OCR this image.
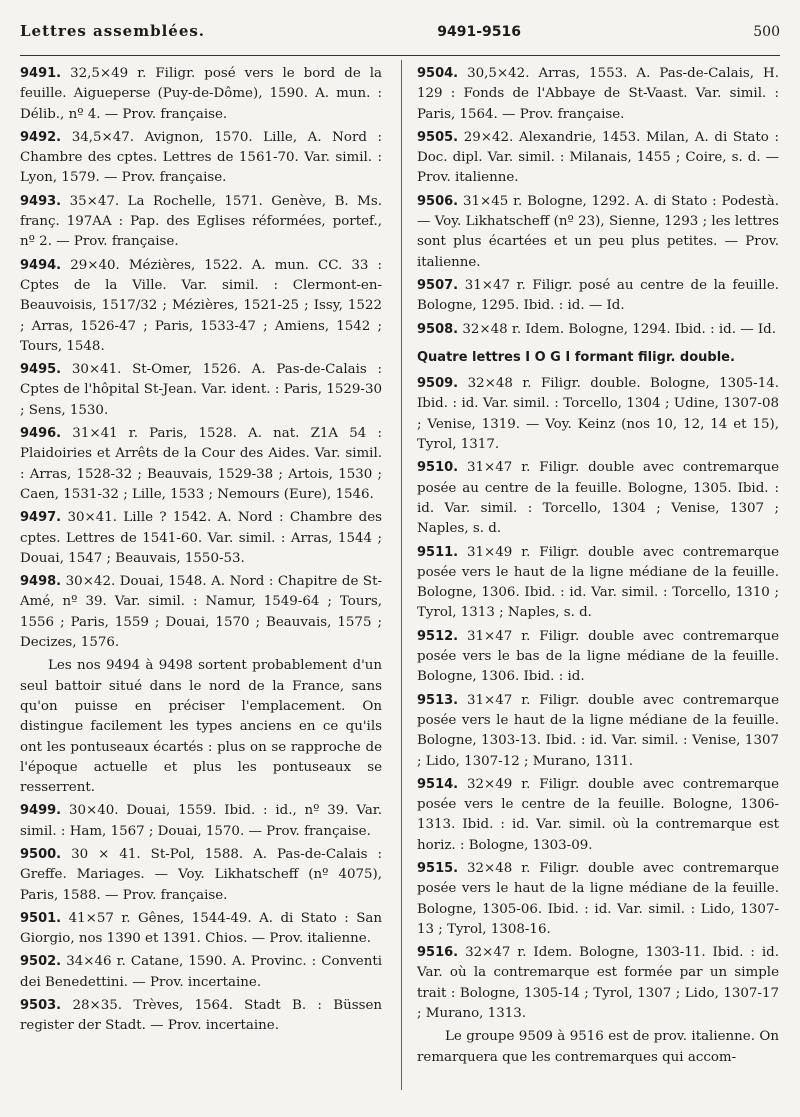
Lettres assemblées.	9491-9516	500

9491. 32,5×49 r. Filigr. posé vers le bord de la feuille. Aigueperse (Puy-de-Dôme), 1590. A. mun. : Délib., nº 4. — Prov. française.

9492. 34,5×47. Avignon, 1570. Lille, A. Nord : Chambre des cptes. Lettres de 1561-70. Var. simil. : Lyon, 1579. — Prov. française.

9493. 35×47. La Rochelle, 1571. Genève, B. Ms. franç. 197AA : Pap. des Eglises réformées, portef., nº 2. — Prov. française.

9494. 29×40. Mézières, 1522. A. mun. CC. 33 : Cptes de la Ville. Var. simil. : Clermont-en-Beauvoisis, 1517/32 ; Mézières, 1521-25 ; Issy, 1522 ; Arras, 1526-47 ; Paris, 1533-47 ; Amiens, 1542 ; Tours, 1548.

9495. 30×41. St-Omer, 1526. A. Pas-de-Calais : Cptes de l'hôpital St-Jean. Var. ident. : Paris, 1529-30 ; Sens, 1530.

9496. 31×41 r. Paris, 1528. A. nat. Z1A 54 : Plaidoiries et Arrêts de la Cour des Aides. Var. simil. : Arras, 1528-32 ; Beauvais, 1529-38 ; Artois, 1530 ; Caen, 1531-32 ; Lille, 1533 ; Nemours (Eure), 1546.

9497. 30×41. Lille ? 1542. A. Nord : Chambre des cptes. Lettres de 1541-60. Var. simil. : Arras, 1544 ; Douai, 1547 ; Beauvais, 1550-53.

9498. 30×42. Douai, 1548. A. Nord : Chapitre de St-Amé, nº 39. Var. simil. : Namur, 1549-64 ; Tours, 1556 ; Paris, 1559 ; Douai, 1570 ; Beauvais, 1575 ; Decizes, 1576.

Les nos 9494 à 9498 sortent probablement d'un seul battoir situé dans le nord de la France, sans qu'on puisse en préciser l'emplacement. On distingue facilement les types anciens en ce qu'ils ont les pontuseaux écartés : plus on se rapproche de l'époque actuelle et plus les pontuseaux se resserrent.

9499. 30×40. Douai, 1559. Ibid. : id., nº 39. Var. simil. : Ham, 1567 ; Douai, 1570. — Prov. française.

9500. 30 × 41. St-Pol, 1588. A. Pas-de-Calais : Greffe. Mariages. — Voy. Likhatscheff (nº 4075), Paris, 1588. — Prov. française.

9501. 41×57 r. Gênes, 1544-49. A. di Stato : San Giorgio, nos 1390 et 1391. Chios. — Prov. italienne.

9502. 34×46 r. Catane, 1590. A. Provinc. : Conventi dei Benedettini. — Prov. incertaine.

9503. 28×35. Trèves, 1564. Stadt B. : Büssen register der Stadt. — Prov. incertaine.

9504. 30,5×42. Arras, 1553. A. Pas-de-Calais, H. 129 : Fonds de l'Abbaye de St-Vaast. Var. simil. : Paris, 1564. — Prov. française.

9505. 29×42. Alexandrie, 1453. Milan, A. di Stato : Doc. dipl. Var. simil. : Milanais, 1455 ; Coire, s. d. — Prov. italienne.

9506. 31×45 r. Bologne, 1292. A. di Stato : Podestà. — Voy. Likhatscheff (nº 23), Sienne, 1293 ; les lettres sont plus écartées et un peu plus petites. — Prov. italienne.

9507. 31×47 r. Filigr. posé au centre de la feuille. Bologne, 1295. Ibid. : id. — Id.

9508. 32×48 r. Idem. Bologne, 1294. Ibid. : id. — Id.

Quatre lettres I O G I formant filigr. double.

9509. 32×48 r. Filigr. double. Bologne, 1305-14. Ibid. : id. Var. simil. : Torcello, 1304 ; Udine, 1307-08 ; Venise, 1319. — Voy. Keinz (nos 10, 12, 14 et 15), Tyrol, 1317.

9510. 31×47 r. Filigr. double avec contremarque posée au centre de la feuille. Bologne, 1305. Ibid. : id. Var. simil. : Torcello, 1304 ; Venise, 1307 ; Naples, s. d.

9511. 31×49 r. Filigr. double avec contremarque posée vers le haut de la ligne médiane de la feuille. Bologne, 1306. Ibid. : id. Var. simil. : Torcello, 1310 ; Tyrol, 1313 ; Naples, s. d.

9512. 31×47 r. Filigr. double avec contremarque posée vers le bas de la ligne médiane de la feuille. Bologne, 1306. Ibid. : id.

9513. 31×47 r. Filigr. double avec contremarque posée vers le haut de la ligne médiane de la feuille. Bologne, 1303-13. Ibid. : id. Var. simil. : Venise, 1307 ; Lido, 1307-12 ; Murano, 1311.

9514. 32×49 r. Filigr. double avec contremarque posée vers le centre de la feuille. Bologne, 1306-1313. Ibid. : id. Var. simil. où la contremarque est horiz. : Bologne, 1303-09.

9515. 32×48 r. Filigr. double avec contremarque posée vers le haut de la ligne médiane de la feuille. Bologne, 1305-06. Ibid. : id. Var. simil. : Lido, 1307-13 ; Tyrol, 1308-16.

9516. 32×47 r. Idem. Bologne, 1303-11. Ibid. : id. Var. où la contremarque est formée par un simple trait : Bologne, 1305-14 ; Tyrol, 1307 ; Lido, 1307-17 ; Murano, 1313.

Le groupe 9509 à 9516 est de prov. italienne. On remarquera que les contremarques qui accom-
